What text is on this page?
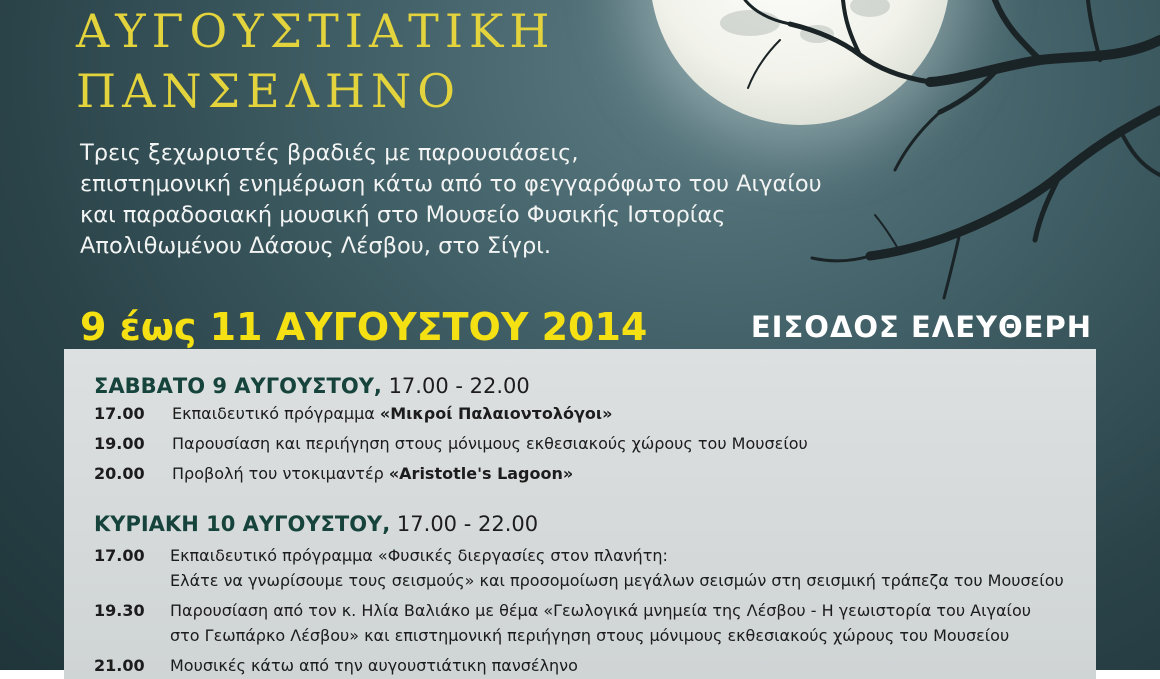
ΑΥΓΟΥΣΤΙΑΤΙΚΗ
ΠΑΝΣΕΛΗΝΟ
Τρεις ξεχωριστές βραδιές με παρουσιάσεις,
επιστημονική ενημέρωση κάτω από το φεγγαρόφωτο του Αιγαίου
και παραδοσιακή μουσική στο Μουσείο Φυσικής Ιστορίας
Απολιθωμένου Δάσους Λέσβου, στο Σίγρι.
9 έως 11 ΑΥΓΟΥΣΤΟΥ 2014	ΕΙΣΟΔΟΣ ΕΛΕΥΘΕΡΗ
ΣΑΒΒΑΤΟ 9 ΑΥΓΟΥΣΤΟΥ, 17.00 - 22.00
17.00 Εκπαιδευτικό πρόγραμμα «Μικροί Παλαιοντολόγοι»
19.00 Παρουσίαση και περιήγηση στους μόνιμους εκθεσιακούς χώρους του Μουσείου
20.00 Προβολή του ντοκιμαντέρ «Aristotle's Lagoon»
ΚΥΡΙΑΚΗ 10 ΑΥΓΟΥΣΤΟΥ, 17.00 - 22.00
17.00 Εκπαιδευτικό πρόγραμμα «Φυσικές διεργασίες στον πλανήτη:
Ελάτε να γνωρίσουμε τους σεισμούς» και προσομοίωση μεγάλων σεισμών στη σεισμική τράπεζα του Μουσείου
19.30 Παρουσίαση από τον κ. Ηλία Βαλιάκο με θέμα «Γεωλογικά μνημεία της Λέσβου - Η γεωιστορία του Αιγαίου
στο Γεωπάρκο Λέσβου» και επιστημονική περιήγηση στους μόνιμους εκθεσιακούς χώρους του Μουσείου
21.00 Μουσικές κάτω από την αυγουστιάτικη πανσέληνο
